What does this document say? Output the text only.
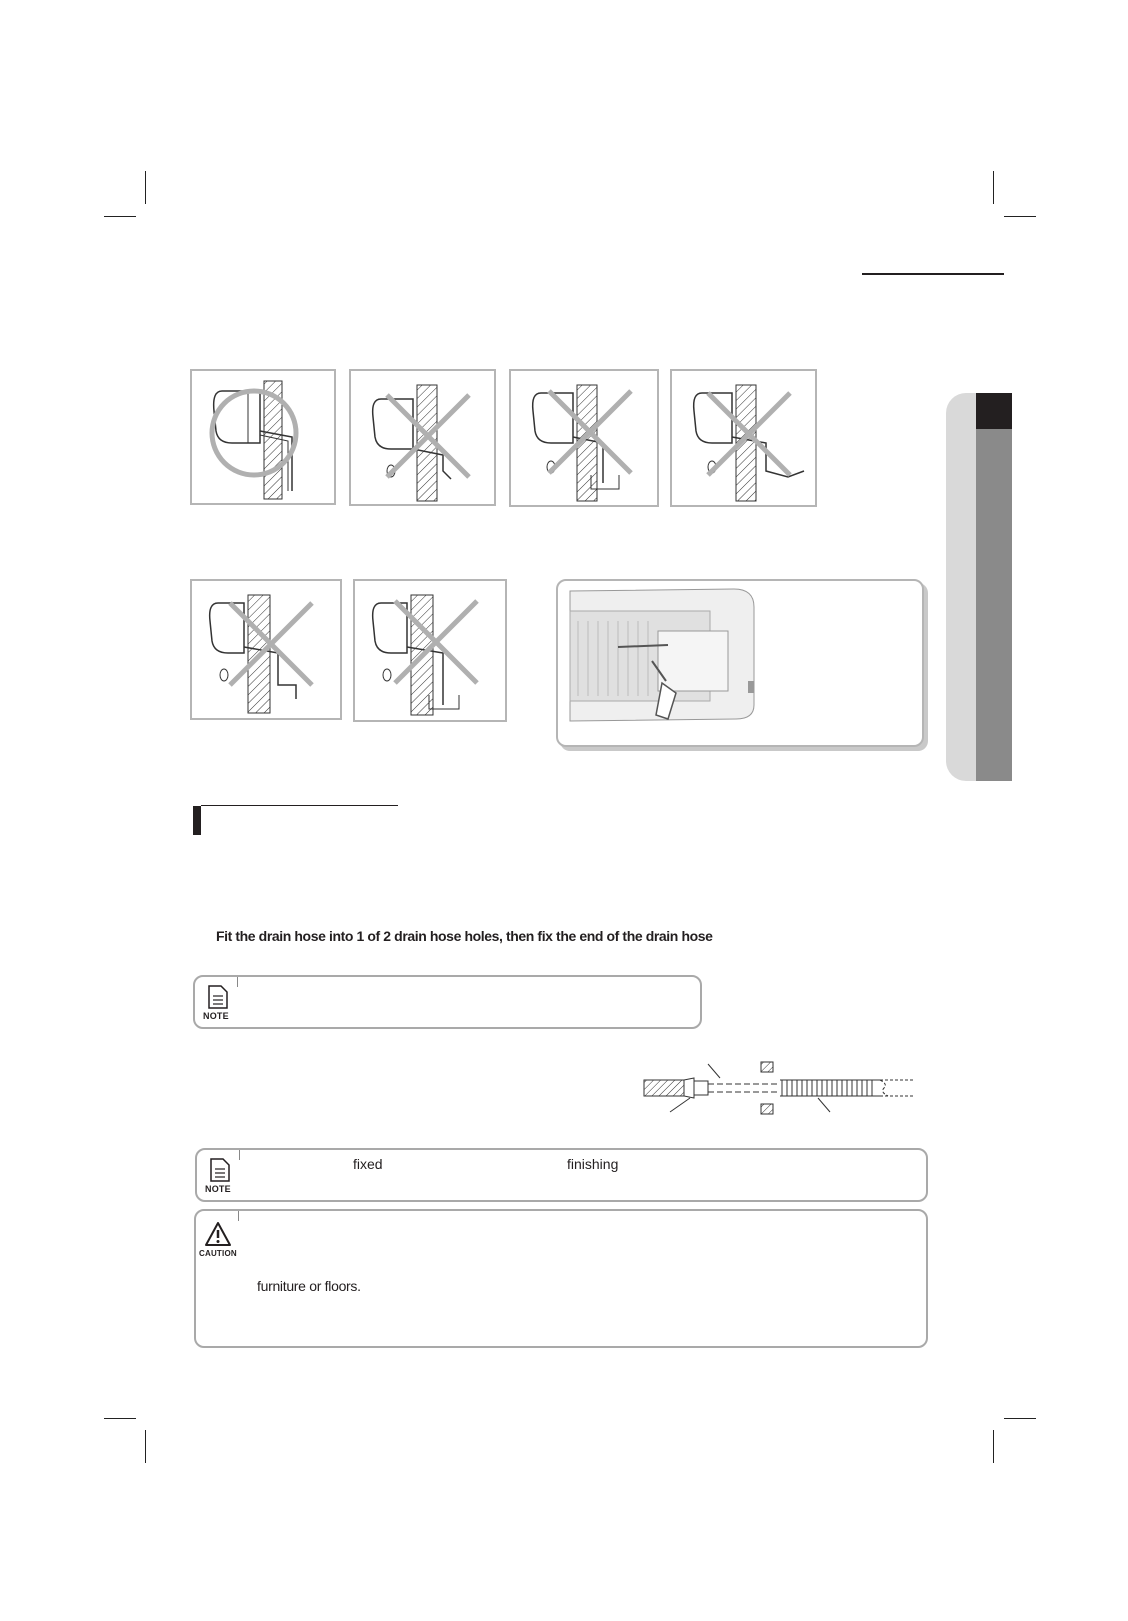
Fit the drain hose into 1 of 2 drain hose holes, then fix the end of the drain hose
NOTE
NOTE
fixed	finishing
CAUTION
furniture or floors.
